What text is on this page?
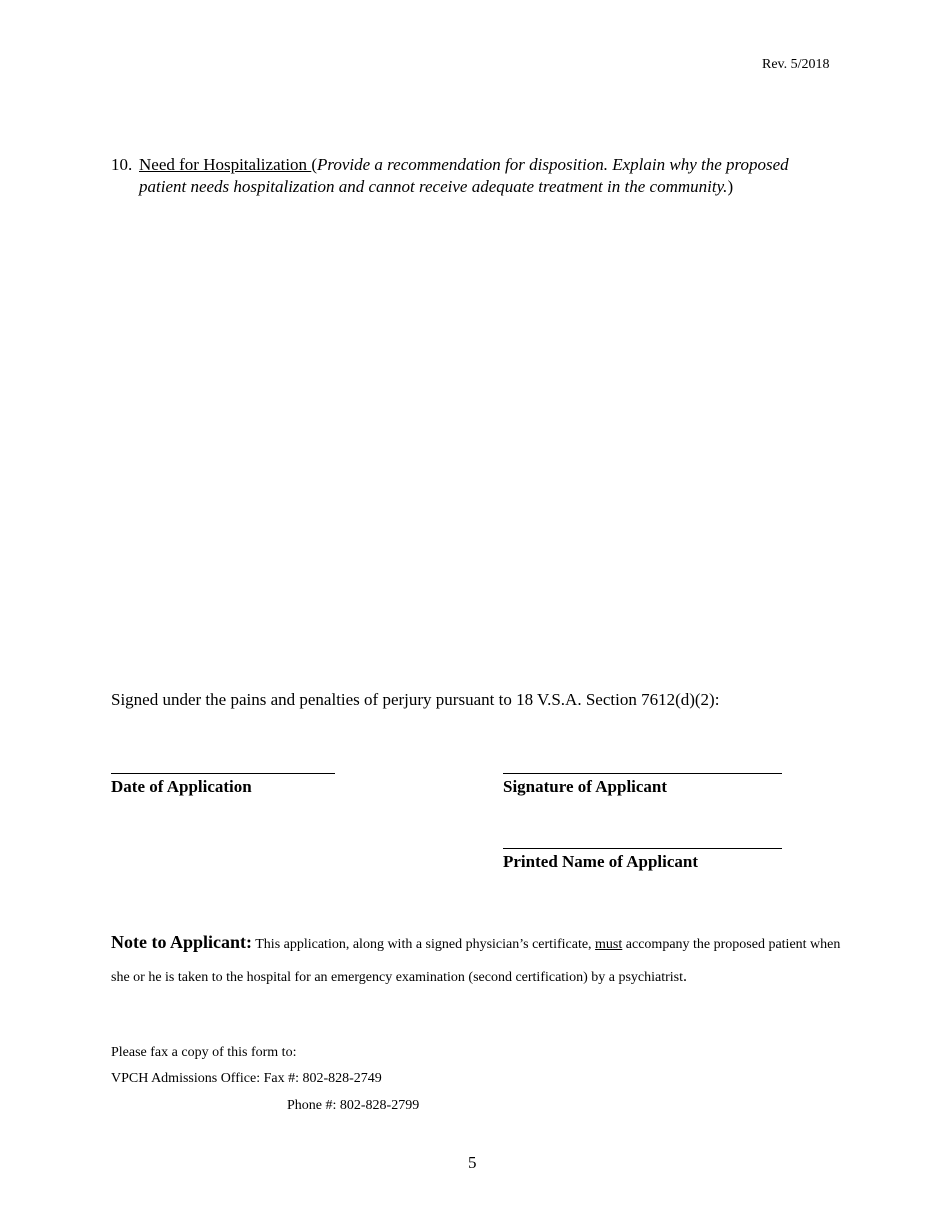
Rev. 5/2018
10. Need for Hospitalization (Provide a recommendation for disposition. Explain why the proposed patient needs hospitalization and cannot receive adequate treatment in the community.)
Signed under the pains and penalties of perjury pursuant to 18 V.S.A. Section 7612(d)(2):
Date of Application	Signature of Applicant
Printed Name of Applicant
Note to Applicant: This application, along with a signed physician’s certificate, must accompany the proposed patient when she or he is taken to the hospital for an emergency examination (second certification) by a psychiatrist.
Please fax a copy of this form to:
VPCH Admissions Office: Fax #: 802-828-2749
Phone #: 802-828-2799
5
